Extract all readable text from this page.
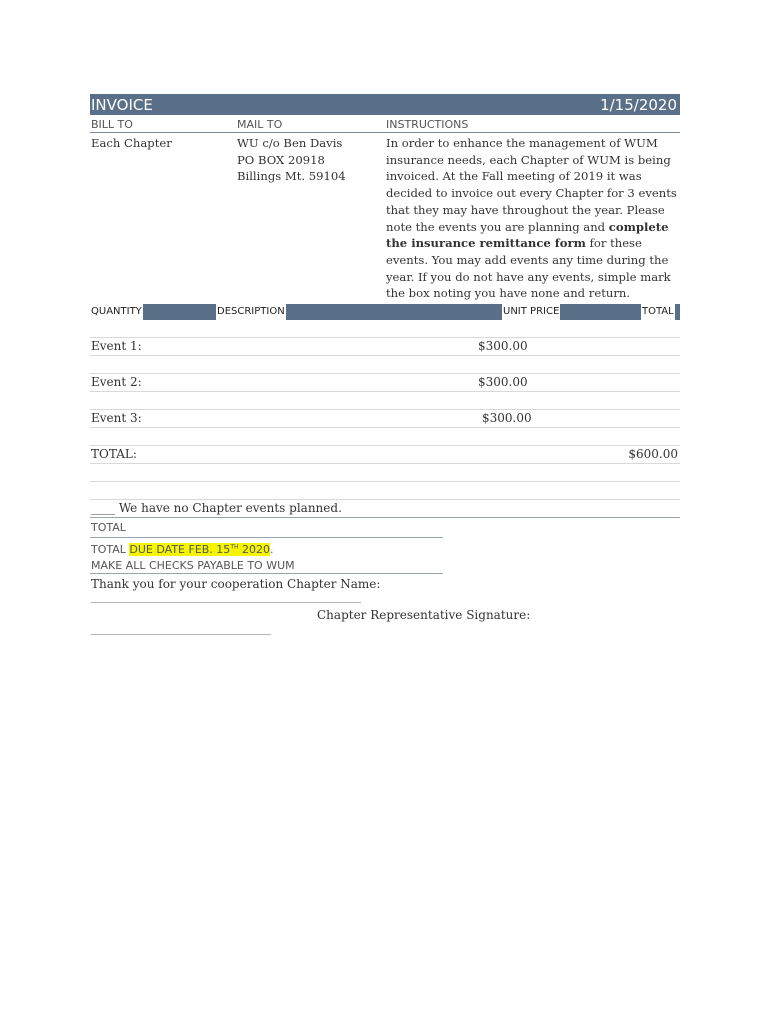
INVOICE	1/15/2020
BILL TO	MAIL TO	INSTRUCTIONS
Each Chapter	WU c/o Ben Davis
PO BOX 20918
Billings Mt. 59104
In order to enhance the management of WUM insurance needs, each Chapter of WUM is being invoiced. At the Fall meeting of 2019 it was decided to invoice out every Chapter for 3 events that they may have throughout the year. Please note the events you are planning and complete the insurance remittance form for these events. You may add events any time during the year. If you do not have any events, simple mark the box noting you have none and return.
QUANTITY	DESCRIPTION	UNIT PRICE	TOTAL
Event 1:	$300.00
Event 2:	$300.00
Event 3:	$300.00
TOTAL:	$600.00
____ We have no Chapter events planned.
TOTAL
TOTAL DUE DATE FEB. 15TH 2020.
MAKE ALL CHECKS PAYABLE TO WUM
Thank you for your cooperation Chapter Name:
______________________________________________________
Chapter Representative Signature:
____________________________________
